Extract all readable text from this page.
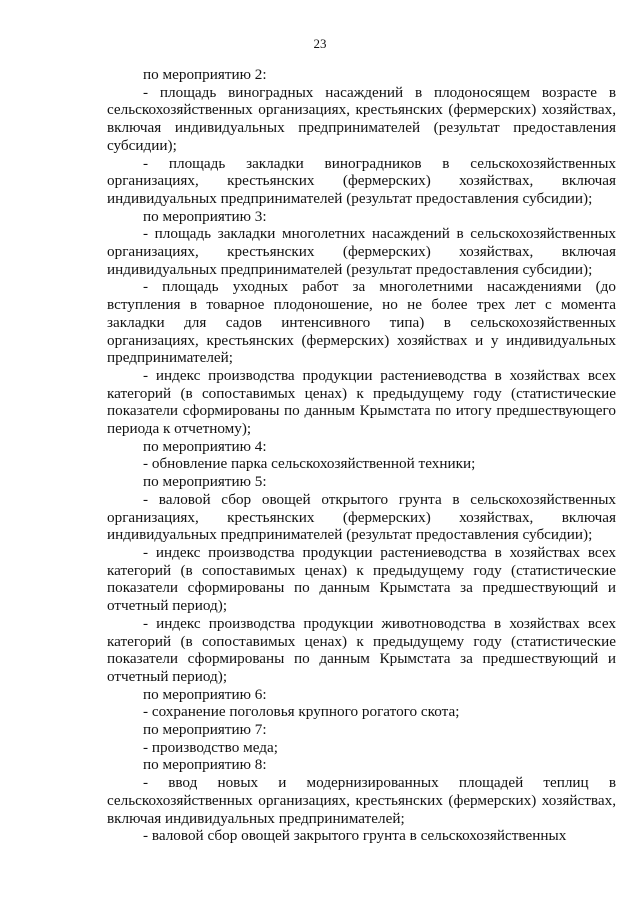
23

по мероприятию 2:

- площадь виноградных насаждений в плодоносящем возрасте в сельскохозяйственных организациях, крестьянских (фермерских) хозяйствах, включая индивидуальных предпринимателей (результат предоставления субсидии);

- площадь закладки виноградников в сельскохозяйственных организациях, крестьянских (фермерских) хозяйствах, включая индивидуальных предпринимателей (результат предоставления субсидии);

по мероприятию 3:

- площадь закладки многолетних насаждений в сельскохозяйственных организациях, крестьянских (фермерских) хозяйствах, включая индивидуальных предпринимателей (результат предоставления субсидии);

- площадь уходных работ за многолетними насаждениями (до вступления в товарное плодоношение, но не более трех лет с момента закладки для садов интенсивного типа) в сельскохозяйственных организациях, крестьянских (фермерских) хозяйствах и у индивидуальных предпринимателей;

- индекс производства продукции растениеводства в хозяйствах всех категорий (в сопоставимых ценах) к предыдущему году (статистические показатели сформированы по данным Крымстата по итогу предшествующего периода к отчетному);

по мероприятию 4:

- обновление парка сельскохозяйственной техники;

по мероприятию 5:

- валовой сбор овощей открытого грунта в сельскохозяйственных организациях, крестьянских (фермерских) хозяйствах, включая индивидуальных предпринимателей (результат предоставления субсидии);

- индекс производства продукции растениеводства в хозяйствах всех категорий (в сопоставимых ценах) к предыдущему году (статистические показатели сформированы по данным Крымстата за предшествующий и отчетный период);

- индекс производства продукции животноводства в хозяйствах всех категорий (в сопоставимых ценах) к предыдущему году (статистические показатели сформированы по данным Крымстата за предшествующий и отчетный период);

по мероприятию 6:

- сохранение поголовья крупного рогатого скота;

по мероприятию 7:

- производство меда;

по мероприятию 8:

- ввод новых и модернизированных площадей теплиц в сельскохозяйственных организациях, крестьянских (фермерских) хозяйствах, включая индивидуальных предпринимателей;

- валовой сбор овощей закрытого грунта в сельскохозяйственных
